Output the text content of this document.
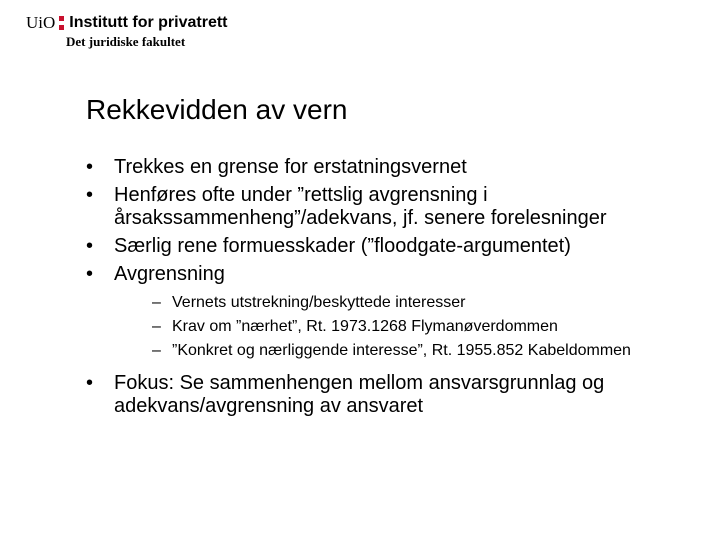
UiO Institutt for privatrett
Det juridiske fakultet
Rekkevidden av vern
• Trekkes en grense for erstatningsvernet
• Henføres ofte under ”rettslig avgrensning i årsakssammenheng”/adekvans, jf. senere forelesninger
• Særlig rene formuesskader (”floodgate-argumentet)
• Avgrensning
– Vernets utstrekning/beskyttede interesser
– Krav om ”nærhet”, Rt. 1973.1268 Flymanøverdommen
– ”Konkret og nærliggende interesse”, Rt. 1955.852 Kabeldommen
• Fokus: Se sammenhengen mellom ansvarsgrunnlag og adekvans/avgrensning av ansvaret
